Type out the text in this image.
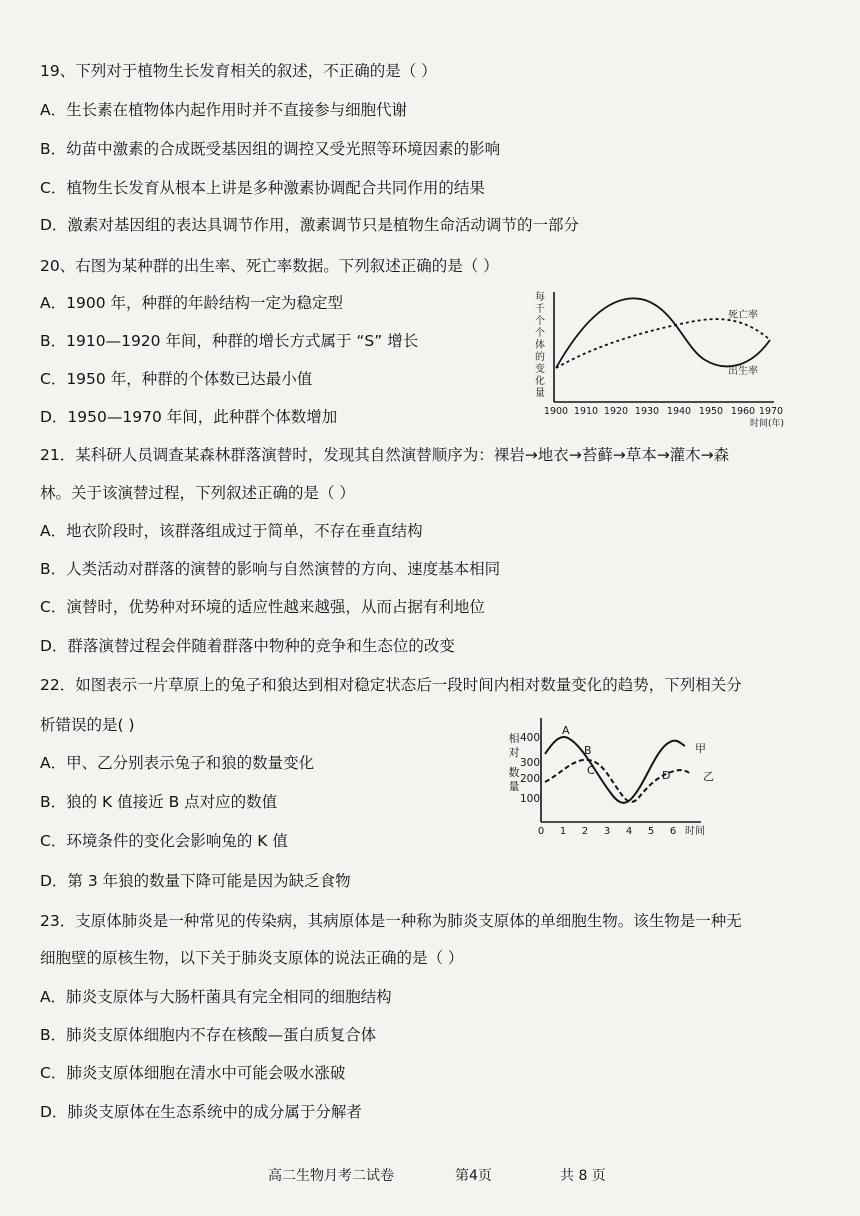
19、下列对于植物生长发育相关的叙述，不正确的是（ ）
A．生长素在植物体内起作用时并不直接参与细胞代谢
B．幼苗中激素的合成既受基因组的调控又受光照等环境因素的影响
C．植物生长发育从根本上讲是多种激素协调配合共同作用的结果
D．激素对基因组的表达具调节作用，激素调节只是植物生命活动调节的一部分
20、右图为某种群的出生率、死亡率数据。下列叙述正确的是（ ）
A．1900 年，种群的年龄结构一定为稳定型
B．1910—1920 年间，种群的增长方式属于 “S” 增长
C．1950 年，种群的个体数已达最小值
D．1950—1970 年间，此种群个体数增加
每
千
个
个
体
的
变
化
量
死亡率
出生率
1900 1910 1920 1930 1940 1950 1960 1970
时间(年)
21．某科研人员调查某森林群落演替时，发现其自然演替顺序为：裸岩→地衣→苔藓→草本→灌木→森
林。关于该演替过程，下列叙述正确的是（ ）
A．地衣阶段时，该群落组成过于简单，不存在垂直结构
B．人类活动对群落的演替的影响与自然演替的方向、速度基本相同
C．演替时，优势种对环境的适应性越来越强，从而占据有利地位
D．群落演替过程会伴随着群落中物种的竞争和生态位的改变
22．如图表示一片草原上的兔子和狼达到相对稳定状态后一段时间内相对数量变化的趋势，下列相关分
析错误的是( )
A．甲、乙分别表示兔子和狼的数量变化
B．狼的 K 值接近 B 点对应的数值
C．环境条件的变化会影响兔的 K 值
D．第 3 年狼的数量下降可能是因为缺乏食物
相
对
数
量
400
300
200
100
A
B
C	D
甲
乙
0 1 2 3 4 5 6 时间
23．支原体肺炎是一种常见的传染病，其病原体是一种称为肺炎支原体的单细胞生物。该生物是一种无
细胞壁的原核生物，以下关于肺炎支原体的说法正确的是（ ）
A．肺炎支原体与大肠杆菌具有完全相同的细胞结构
B．肺炎支原体细胞内不存在核酸—蛋白质复合体
C．肺炎支原体细胞在清水中可能会吸水涨破
D．肺炎支原体在生态系统中的成分属于分解者
高二生物月考二试卷	第4页	共 8 页
